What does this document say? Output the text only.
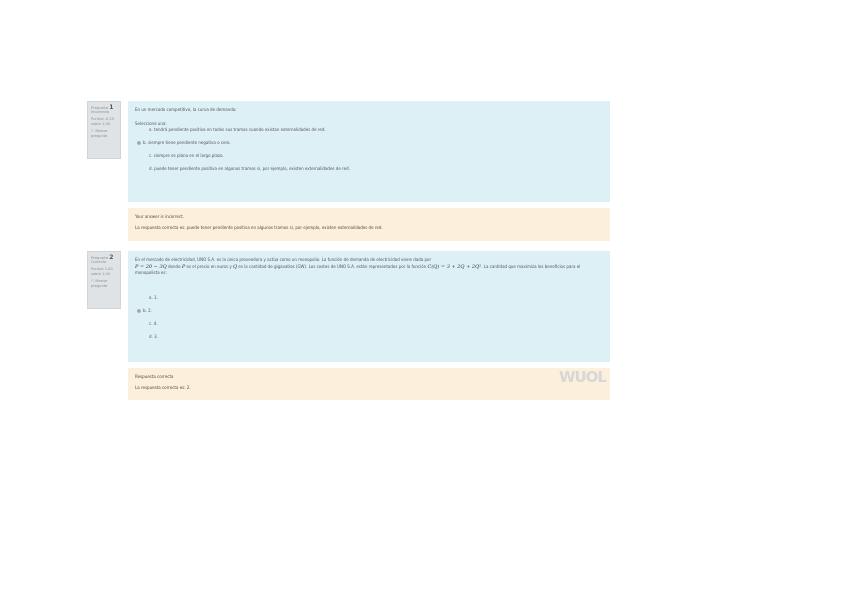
Pregunta 1
Incorrecta
Puntúa -0,25 sobre 1,00
⚐ Marcar pregunta
En un mercado competitivo, la curva de demanda:
Seleccione una:
a. tendrá pendiente positiva en todos sus tramos cuando existan externalidades de red.
b. siempre tiene pendiente negativa o cero.
c. siempre es plana en el largo plazo.
d. puede tener pendiente positiva en algunos tramos si, por ejemplo, existen externalidades de red.
Your answer is incorrect.
La respuesta correcta es: puede tener pendiente positiva en algunos tramos si, por ejemplo, existen externalidades de red.
Pregunta 2
Correcta
Puntúa 1,00 sobre 1,00
⚐ Marcar pregunta
En el mercado de electricidad, UNO S.A. es la única proveedora y actúa como un monopolio. La función de demanda de electricidad viene dada por
P = 20 − 3Q donde P es el precio en euros y Q es la cantidad de gigavatios (GW). Los costes de UNO S.A. están representados por la función C(Q) = 3 + 2Q + 2Q². La cantidad que maximiza los beneficios para el monopolista es:
a. 1.
b. 2.
c. 4.
d. 3.
Respuesta correcta
La respuesta correcta es: 2.
WUOL
